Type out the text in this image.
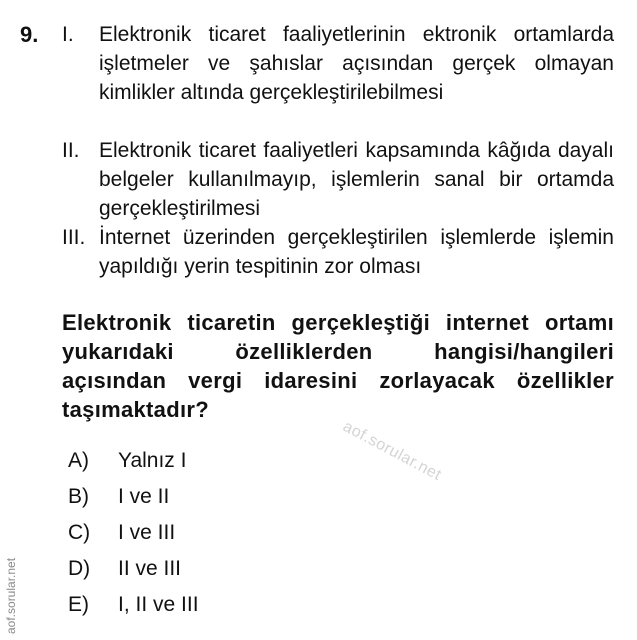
9. I. Elektronik ticaret faaliyetlerinin ektronik ortamlarda işletmeler ve şahıslar açısından gerçek olmayan kimlikler altında gerçekleştirilebilmesi
II. Elektronik ticaret faaliyetleri kapsamında kâğıda dayalı belgeler kullanılmayıp, işlemlerin sanal bir ortamda gerçekleştirilmesi
III. İnternet üzerinden gerçekleştirilen işlemlerde işlemin yapıldığı yerin tespitinin zor olması
Elektronik ticaretin gerçekleştiği internet ortamı yukarıdaki özelliklerden hangisi/hangileri açısından vergi idaresini zorlayacak özellikler taşımaktadır?
aof.sorular.net
A)	Yalnız I
B)	I ve II
C)	I ve III
D)	II ve III
E)	I, II ve III
aof.sorular.net
